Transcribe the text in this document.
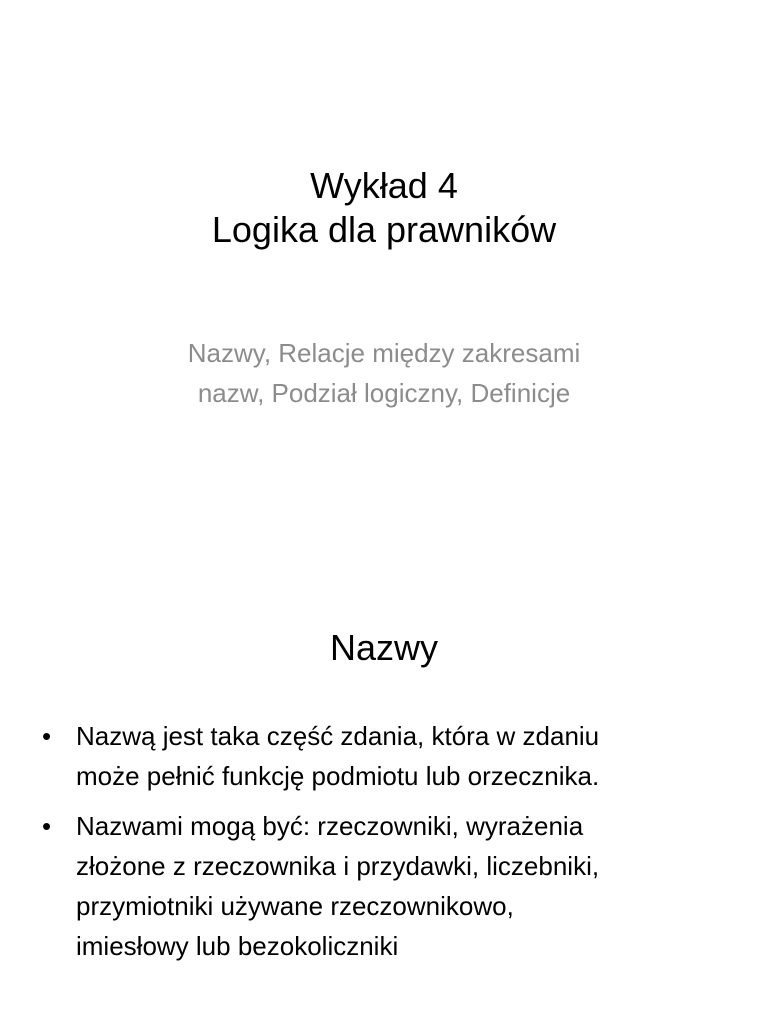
Wykład 4
Logika dla prawników
Nazwy, Relacje między zakresami
nazw, Podział logiczny, Definicje
Nazwy
• Nazwą jest taka część zdania, która w zdaniu
może pełnić funkcję podmiotu lub orzecznika.
• Nazwami mogą być: rzeczowniki, wyrażenia
złożone z rzeczownika i przydawki, liczebniki,
przymiotniki używane rzeczownikowo,
imiesłowy lub bezokoliczniki
